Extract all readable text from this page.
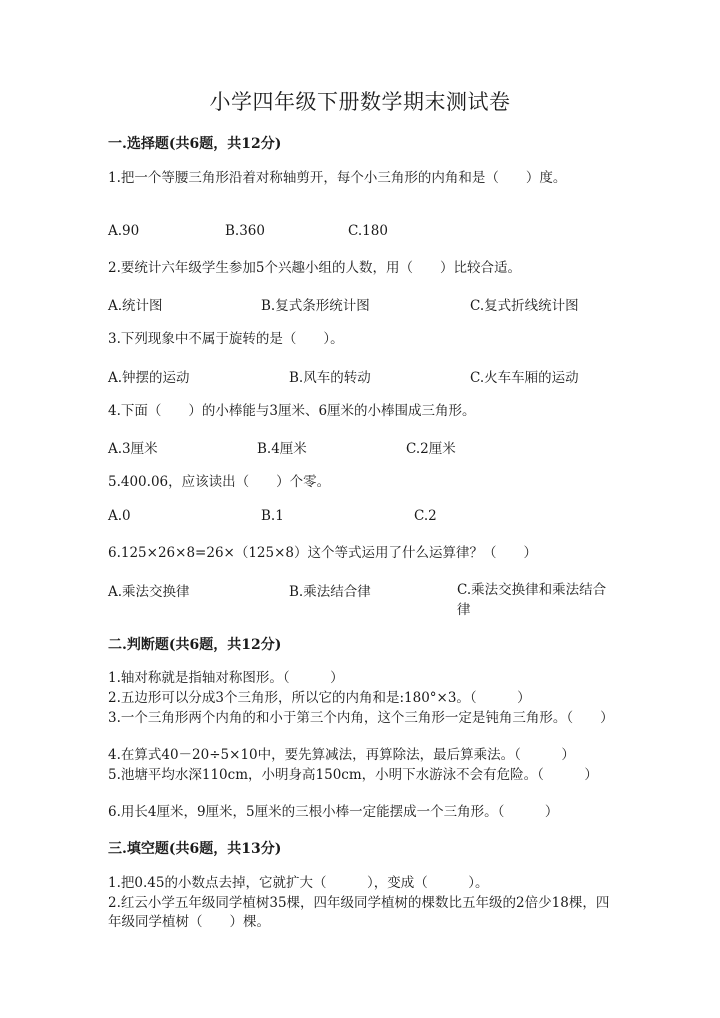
小学四年级下册数学期末测试卷
一.选择题(共6题，共12分)
1.把一个等腰三角形沿着对称轴剪开，每个小三角形的内角和是（　　）度。
A.90	B.360	C.180
2.要统计六年级学生参加5个兴趣小组的人数，用（　　）比较合适。
A.统计图	B.复式条形统计图	C.复式折线统计图
3.下列现象中不属于旋转的是（　　）。
A.钟摆的运动	B.风车的转动	C.火车车厢的运动
4.下面（　　）的小棒能与3厘米、6厘米的小棒围成三角形。
A.3厘米	B.4厘米	C.2厘米
5.400.06，应该读出（　　）个零。
A.0	B.1	C.2
6.125×26×8=26×（125×8）这个等式运用了什么运算律？（　　）
A.乘法交换律	B.乘法结合律	C.乘法交换律和乘法结合律
二.判断题(共6题，共12分)
1.轴对称就是指轴对称图形。（　　　）
2.五边形可以分成3个三角形，所以它的内角和是:180°×3。（　　　）
3.一个三角形两个内角的和小于第三个内角，这个三角形一定是钝角三角形。（　　）
4.在算式40－20÷5×10中，要先算减法，再算除法，最后算乘法。（　　　）
5.池塘平均水深110cm，小明身高150cm，小明下水游泳不会有危险。（　　　）
6.用长4厘米，9厘米，5厘米的三根小棒一定能摆成一个三角形。（　　　）
三.填空题(共6题，共13分)
1.把0.45的小数点去掉，它就扩大（　　　），变成（　　　）。
2.红云小学五年级同学植树35棵，四年级同学植树的棵数比五年级的2倍少18棵，四年级同学植树（　　）棵。
